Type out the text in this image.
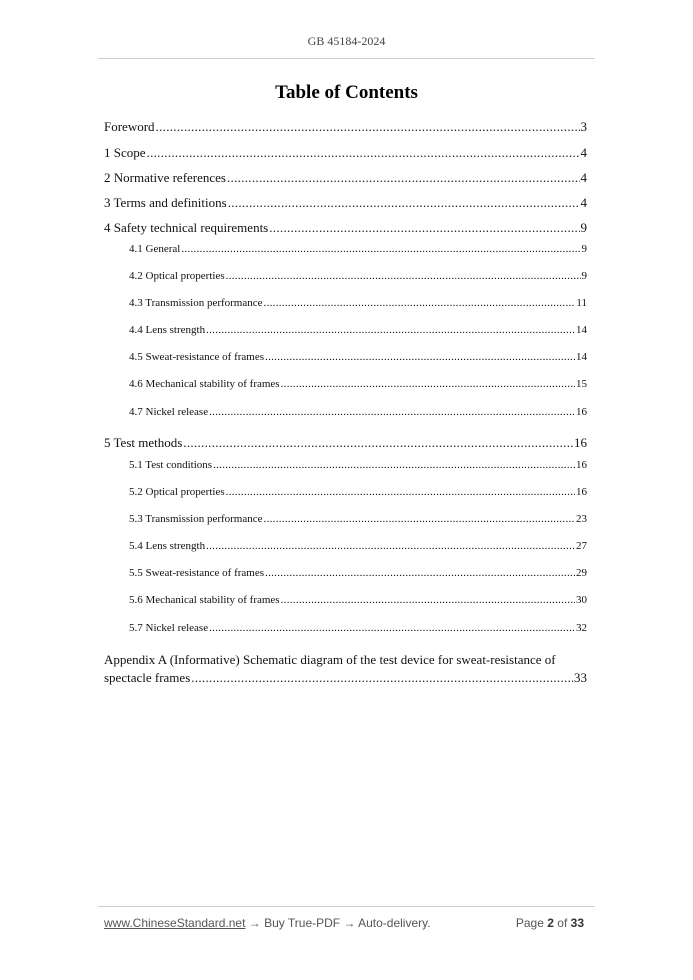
GB 45184-2024
Table of Contents
Foreword .....	3
1 Scope .....	4
2 Normative references .....	4
3 Terms and definitions .....	4
4 Safety technical requirements .....	9
4.1 General .....	9
4.2 Optical properties .....	9
4.3 Transmission performance .....	11
4.4 Lens strength .....	14
4.5 Sweat-resistance of frames .....	14
4.6 Mechanical stability of frames .....	15
4.7 Nickel release .....	16
5 Test methods .....	16
5.1 Test conditions .....	16
5.2 Optical properties .....	16
5.3 Transmission performance .....	23
5.4 Lens strength .....	27
5.5 Sweat-resistance of frames .....	29
5.6 Mechanical stability of frames .....	30
5.7 Nickel release .....	32
Appendix A (Informative) Schematic diagram of the test device for sweat-resistance of
spectacle frames .....	33
www.ChineseStandard.net → Buy True-PDF → Auto-delivery.	Page 2 of 33
